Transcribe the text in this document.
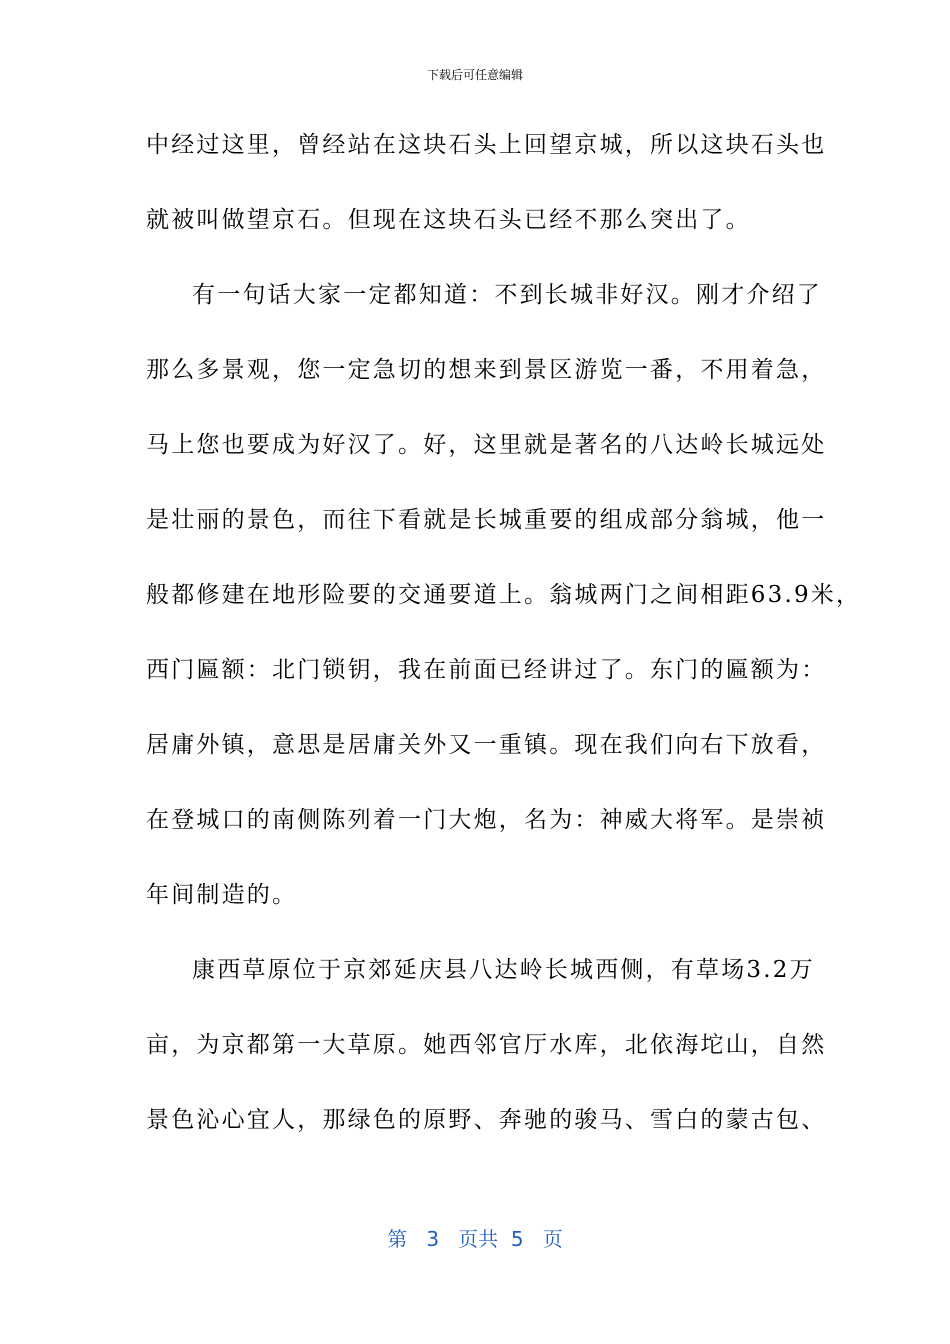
下载后可任意编辑
中经过这里，曾经站在这块石头上回望京城，所以这块石头也
就被叫做望京石。但现在这块石头已经不那么突出了。
有一句话大家一定都知道：不到长城非好汉。刚才介绍了
那么多景观，您一定急切的想来到景区游览一番，不用着急，
马上您也要成为好汉了。好，这里就是著名的八达岭长城远处
是壮丽的景色，而往下看就是长城重要的组成部分翁城，他一
般都修建在地形险要的交通要道上。翁城两门之间相距63.9米，
西门匾额：北门锁钥，我在前面已经讲过了。东门的匾额为：
居庸外镇，意思是居庸关外又一重镇。现在我们向右下放看，
在登城口的南侧陈列着一门大炮，名为：神威大将军。是崇祯
年间制造的。
康西草原位于京郊延庆县八达岭长城西侧，有草场3.2万
亩，为京都第一大草原。她西邻官厅水库，北依海坨山，自然
景色沁心宜人，那绿色的原野、奔驰的骏马、雪白的蒙古包、
第 3 页共 5 页
